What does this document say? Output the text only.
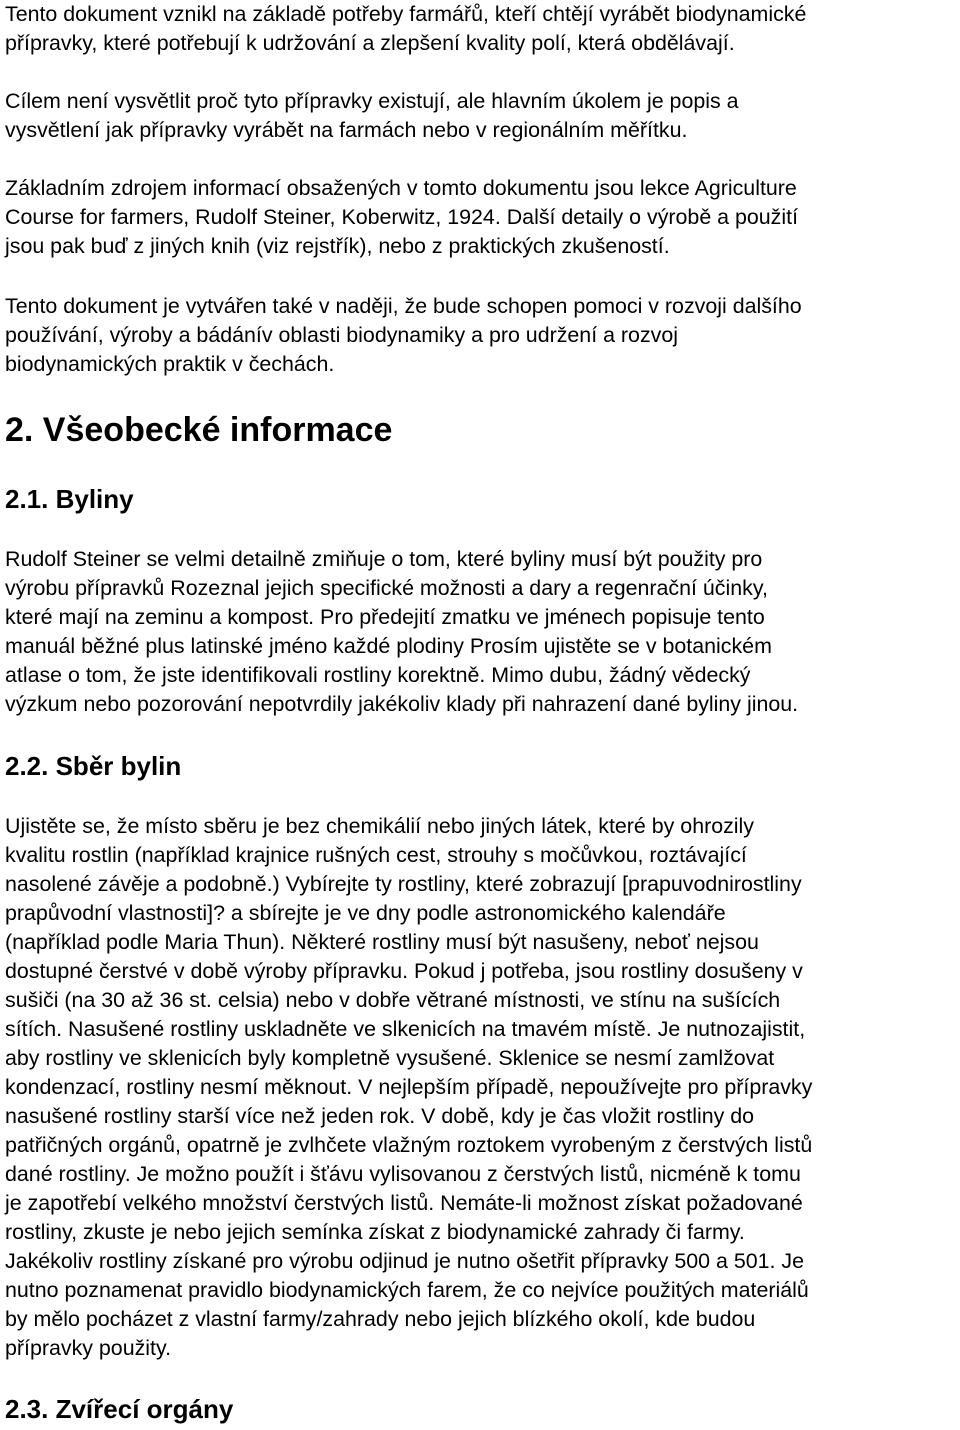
Tento dokument vznikl na základě potřeby farmářů, kteří chtějí vyrábět biodynamické
přípravky, které potřebují k udržování a zlepšení kvality polí, která obdělávají.

Cílem není vysvětlit proč tyto přípravky existují, ale hlavním úkolem je popis a
vysvětlení jak přípravky vyrábět na farmách nebo v regionálním měřítku.

Základním zdrojem informací obsažených v tomto dokumentu jsou lekce Agriculture
Course for farmers, Rudolf Steiner, Koberwitz, 1924. Další detaily o výrobě a použití
jsou pak buď z jiných knih (viz rejstřík), nebo z praktických zkušeností.

Tento dokument je vytvářen také v naději, že bude schopen pomoci v rozvoji dalšího
používání, výroby a bádánív oblasti biodynamiky a pro udržení a rozvoj
biodynamických praktik v čechách.

2. Všeobecké informace
2.1. Byliny

Rudolf Steiner se velmi detailně zmiňuje o tom, které byliny musí být použity pro
výrobu přípravků Rozeznal jejich specifické možnosti a dary a regenrační účinky,
které mají na zeminu a kompost. Pro předejití zmatku ve jménech popisuje tento
manuál běžné plus latinské jméno každé plodiny Prosím ujistěte se v botanickém
atlase o tom, že jste identifikovali rostliny korektně. Mimo dubu, žádný vědecký
výzkum nebo pozorování nepotvrdily jakékoliv klady při nahrazení dané byliny jinou.

2.2. Sběr bylin

Ujistěte se, že místo sběru je bez chemikálií nebo jiných látek, které by ohrozily
kvalitu rostlin (například krajnice rušných cest, strouhy s močůvkou, roztávající
nasolené závěje a podobně.) Vybírejte ty rostliny, které zobrazují [prapuvodnirostliny
prapůvodní vlastnosti]? a sbírejte je ve dny podle astronomického kalendáře
(například podle Maria Thun). Některé rostliny musí být nasušeny, neboť nejsou
dostupné čerstvé v době výroby přípravku. Pokud j potřeba, jsou rostliny dosušeny v
sušiči (na 30 až 36 st. celsia) nebo v dobře větrané místnosti, ve stínu na sušících
sítích. Nasušené rostliny uskladněte ve slkenicích na tmavém místě. Je nutnozajistit,
aby rostliny ve sklenicích byly kompletně vysušené. Sklenice se nesmí zamlžovat
kondenzací, rostliny nesmí měknout. V nejlepším případě, nepoužívejte pro přípravky
nasušené rostliny starší více než jeden rok. V době, kdy je čas vložit rostliny do
patřičných orgánů, opatrně je zvlhčete vlažným roztokem vyrobeným z čerstvých listů
dané rostliny. Je možno použít i šťávu vylisovanou z čerstvých listů, nicméně k tomu
je zapotřebí velkého množství čerstvých listů. Nemáte-li možnost získat požadované
rostliny, zkuste je nebo jejich semínka získat z biodynamické zahrady či farmy.
Jakékoliv rostliny získané pro výrobu odjinud je nutno ošetřit přípravky 500 a 501. Je
nutno poznamenat pravidlo biodynamických farem, že co nejvíce použitých materiálů
by mělo pocházet z vlastní farmy/zahrady nebo jejich blízkého okolí, kde budou
přípravky použity.

2.3. Zvířecí orgány
